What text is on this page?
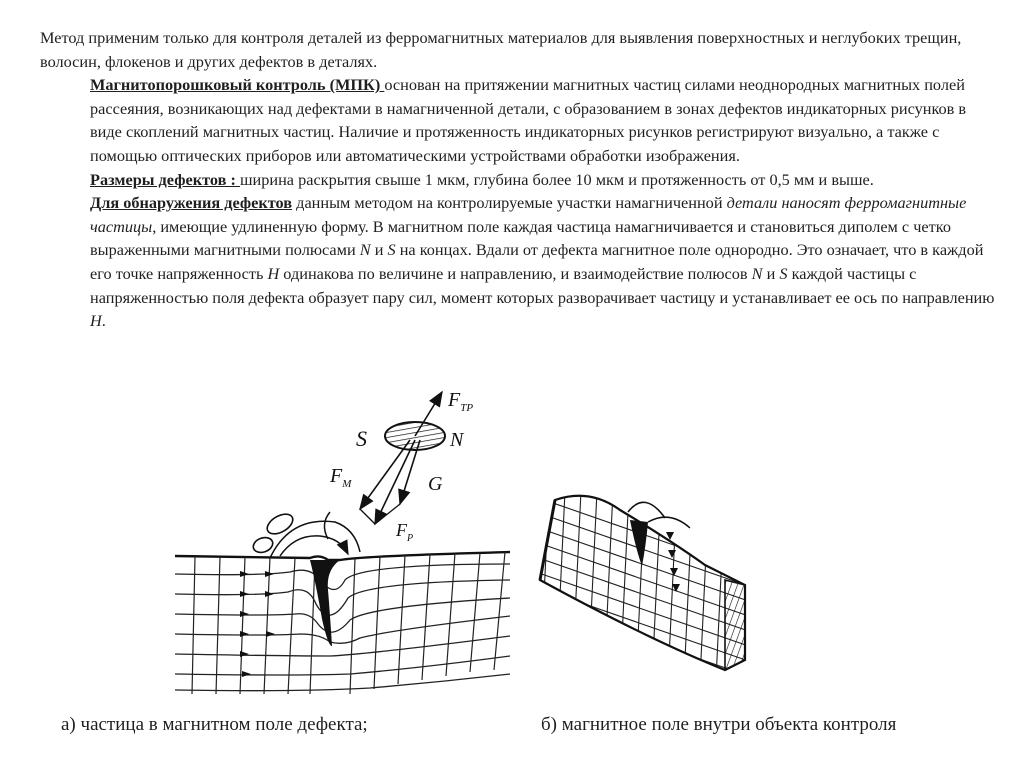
Метод применим только для контроля деталей из ферромагнитных материалов для выявления поверхностных и неглубоких трещин, волосин, флокенов и других дефектов в деталях.

Магнитопорошковый контроль (МПК) основан на притяжении магнитных частиц силами неоднородных магнитных полей рассеяния, возникающих над дефектами в намагниченной детали, с образованием в зонах дефектов индикаторных рисунков в виде скоплений магнитных частиц. Наличие и протяженность индикаторных рисунков регистрируют визуально, а также с помощью оптических приборов или автоматическими устройствами обработки изображения.

Размеры дефектов : ширина раскрытия свыше 1 мкм, глубина более 10 мкм и протяженность от 0,5 мм и выше.

Для обнаружения дефектов данным методом на контролируемые участки намагниченной детали наносят ферромагнитные частицы, имеющие удлиненную форму. В магнитном поле каждая частица намагничивается и становиться диполем с четко выраженными магнитными полюсами N и S на концах. Вдали от дефекта магнитное поле однородно. Это означает, что в каждой его точке напряженность H одинакова по величине и направлению, и взаимодействие полюсов N и S каждой частицы с напряженностью поля дефекта образует пару сил, момент которых разворачивает частицу и устанавливает ее ось по направлению H.

$F_{ТР}$
S	N
$F_M$	G
$F_P$
а) частица в магнитном поле дефекта;	б) магнитное поле внутри объекта контроля
